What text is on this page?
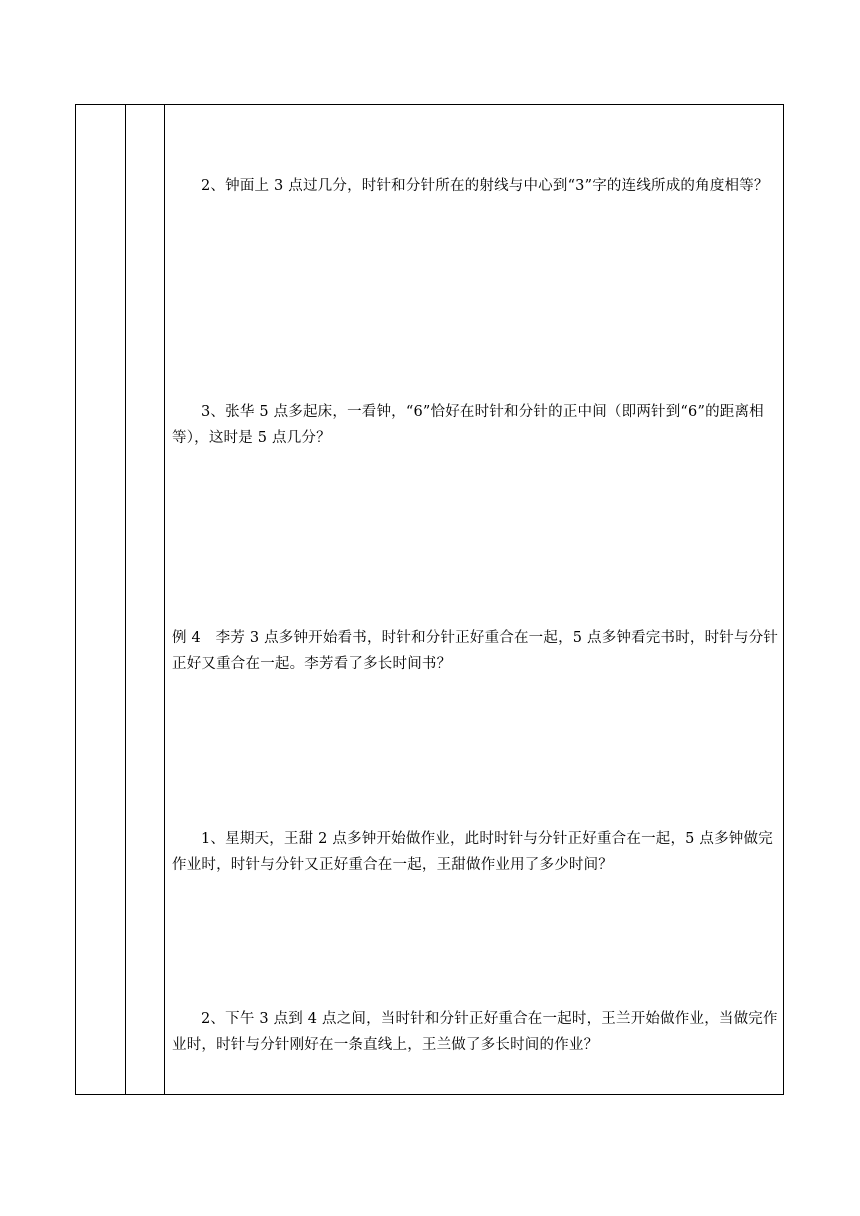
2、钟面上 3 点过几分，时针和分针所在的射线与中心到“3”字的连线所成的角度相等？

3、张华 5 点多起床，一看钟，“6”恰好在时针和分针的正中间（即两针到“6”的距离相等），这时是 5 点几分？

例 4　李芳 3 点多钟开始看书，时针和分针正好重合在一起，5 点多钟看完书时，时针与分针正好又重合在一起。李芳看了多长时间书？

1、星期天，王甜 2 点多钟开始做作业，此时时针与分针正好重合在一起，5 点多钟做完作业时，时针与分针又正好重合在一起，王甜做作业用了多少时间？

2、下午 3 点到 4 点之间，当时针和分针正好重合在一起时，王兰开始做作业，当做完作业时，时针与分针刚好在一条直线上，王兰做了多长时间的作业？
